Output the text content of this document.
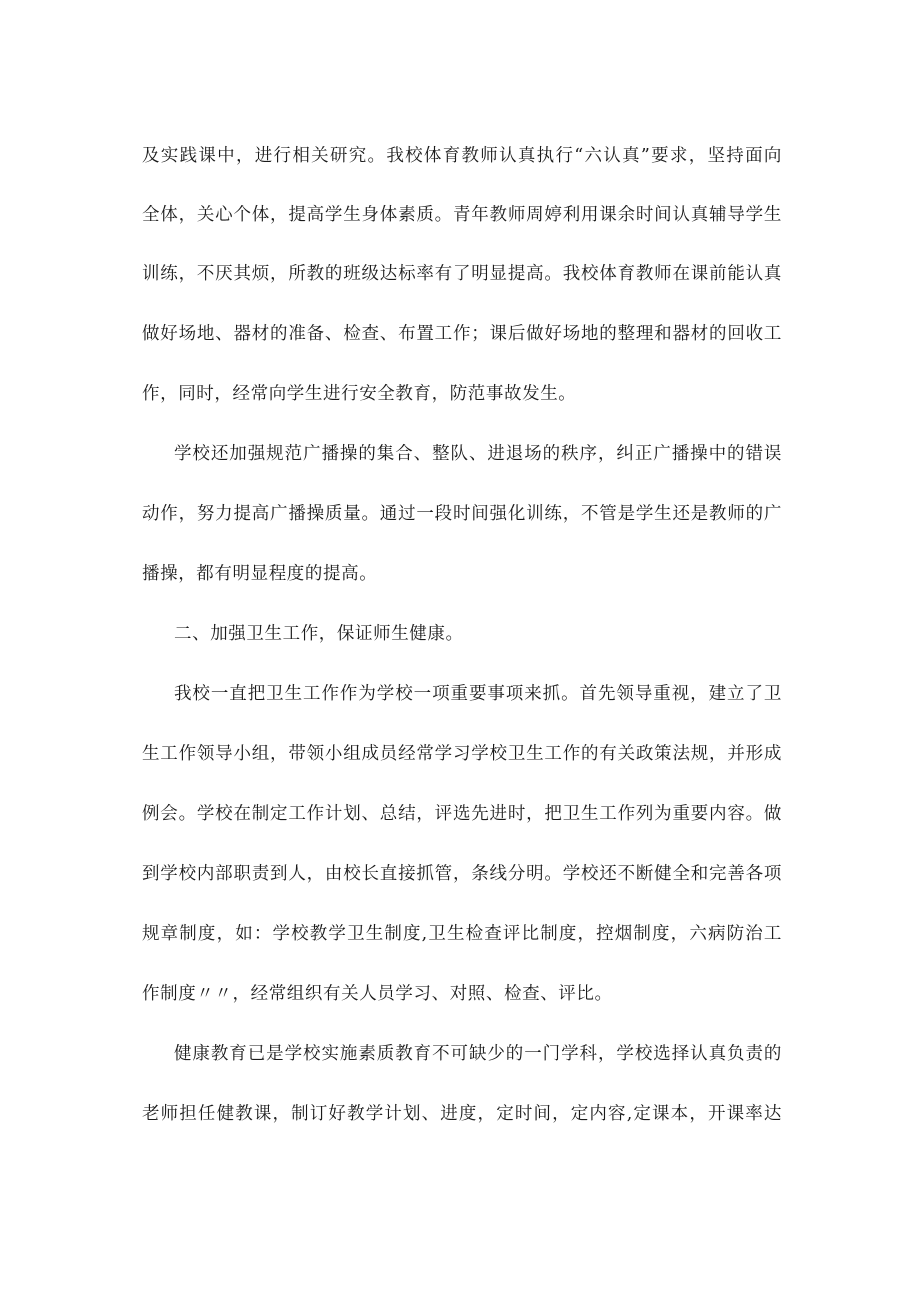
及实践课中，进行相关研究。我校体育教师认真执行“六认真”要求，坚持面向
全体，关心个体，提高学生身体素质。青年教师周婷利用课余时间认真辅导学生
训练，不厌其烦，所教的班级达标率有了明显提高。我校体育教师在课前能认真
做好场地、器材的准备、检查、布置工作；课后做好场地的整理和器材的回收工
作，同时，经常向学生进行安全教育，防范事故发生。
学校还加强规范广播操的集合、整队、进退场的秩序，纠正广播操中的错误
动作，努力提高广播操质量。通过一段时间强化训练，不管是学生还是教师的广
播操，都有明显程度的提高。
二、加强卫生工作，保证师生健康。
我校一直把卫生工作作为学校一项重要事项来抓。首先领导重视，建立了卫
生工作领导小组，带领小组成员经常学习学校卫生工作的有关政策法规，并形成
例会。学校在制定工作计划、总结，评选先进时，把卫生工作列为重要内容。做
到学校内部职责到人，由校长直接抓管，条线分明。学校还不断健全和完善各项
规章制度，如：学校教学卫生制度,卫生检查评比制度，控烟制度，六病防治工
作制度〃〃，经常组织有关人员学习、对照、检查、评比。
健康教育已是学校实施素质教育不可缺少的一门学科，学校选择认真负责的
老师担任健教课，制订好教学计划、进度，定时间，定内容,定课本，开课率达
